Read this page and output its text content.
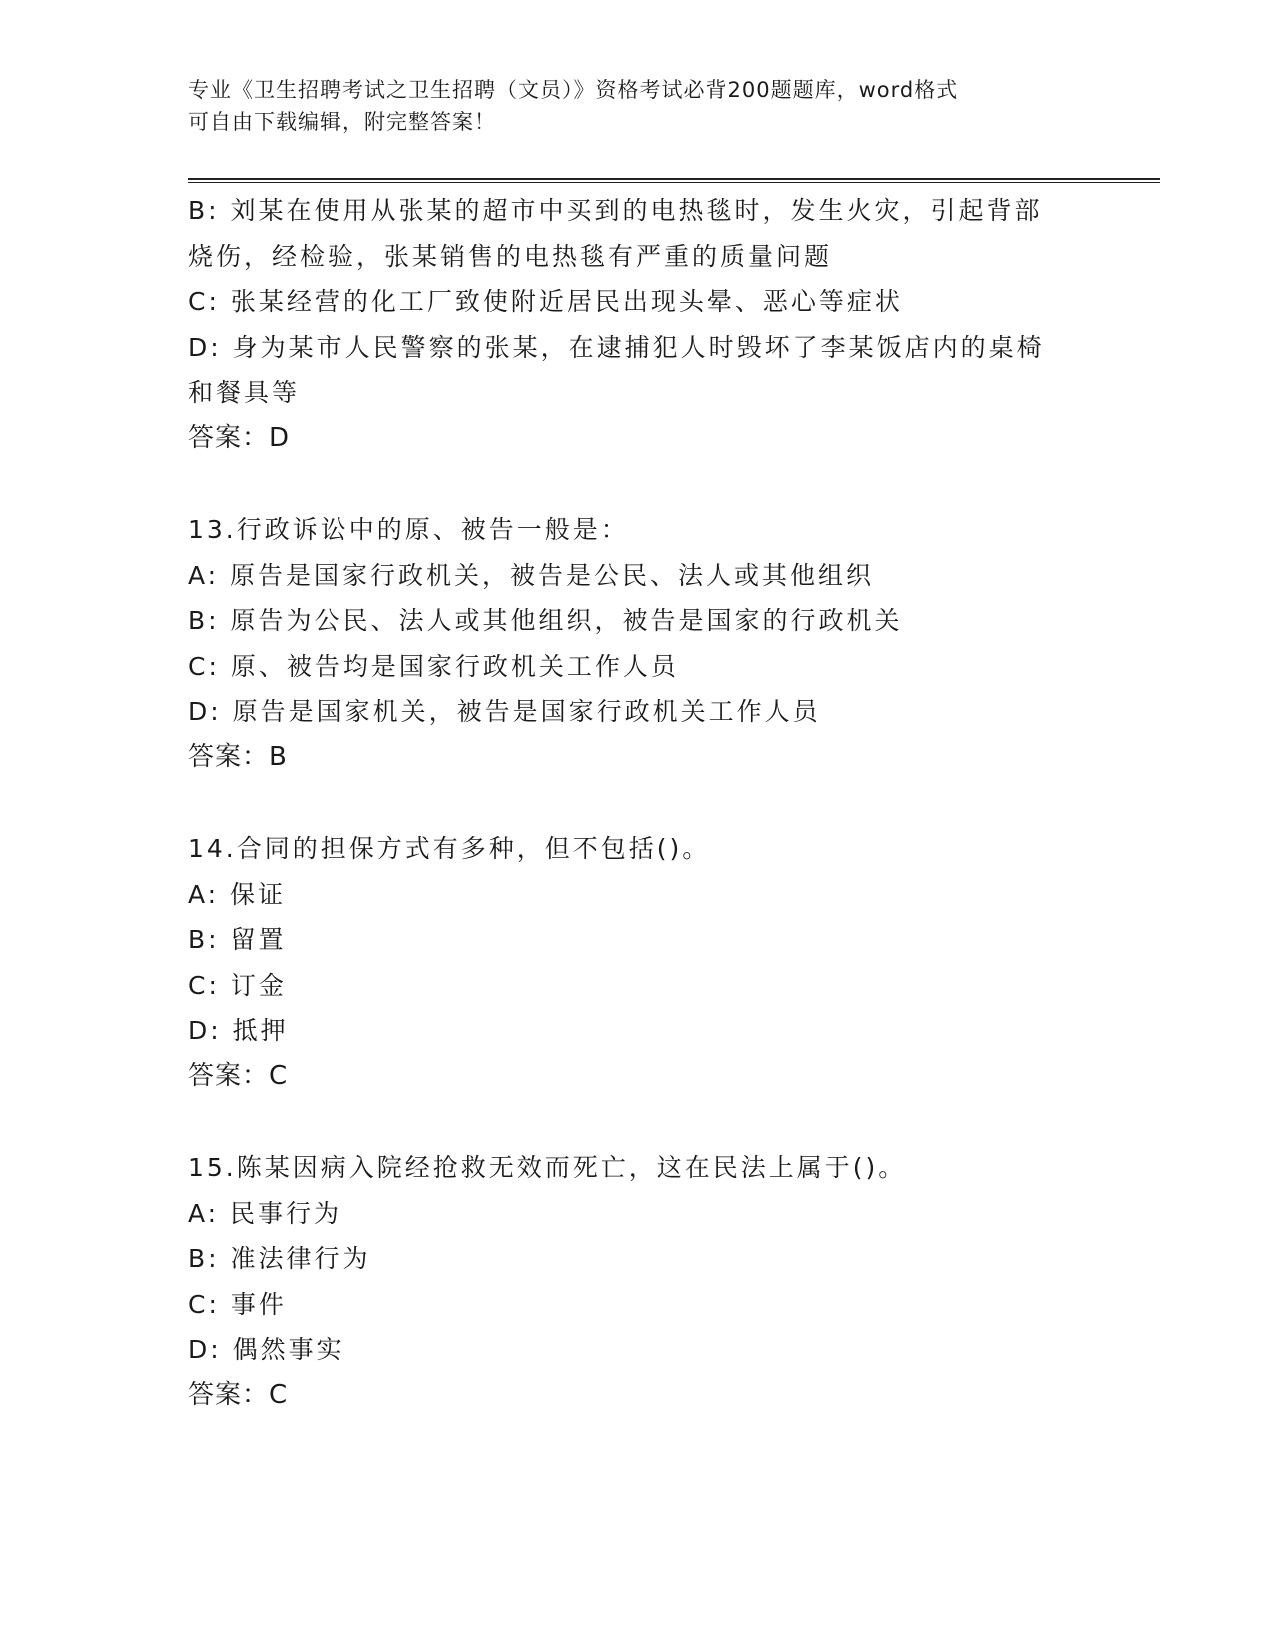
专业《卫生招聘考试之卫生招聘（文员）》资格考试必背200题题库，word格式
可自由下载编辑，附完整答案！
B: 刘某在使用从张某的超市中买到的电热毯时，发生火灾，引起背部
烧伤，经检验，张某销售的电热毯有严重的质量问题
C: 张某经营的化工厂致使附近居民出现头晕、恶心等症状
D: 身为某市人民警察的张某，在逮捕犯人时毁坏了李某饭店内的桌椅
和餐具等
答案：D
13.行政诉讼中的原、被告一般是：
A: 原告是国家行政机关，被告是公民、法人或其他组织
B: 原告为公民、法人或其他组织，被告是国家的行政机关
C: 原、被告均是国家行政机关工作人员
D: 原告是国家机关，被告是国家行政机关工作人员
答案：B
14.合同的担保方式有多种，但不包括()。
A: 保证
B: 留置
C: 订金
D: 抵押
答案：C
15.陈某因病入院经抢救无效而死亡，这在民法上属于()。
A: 民事行为
B: 准法律行为
C: 事件
D: 偶然事实
答案：C
